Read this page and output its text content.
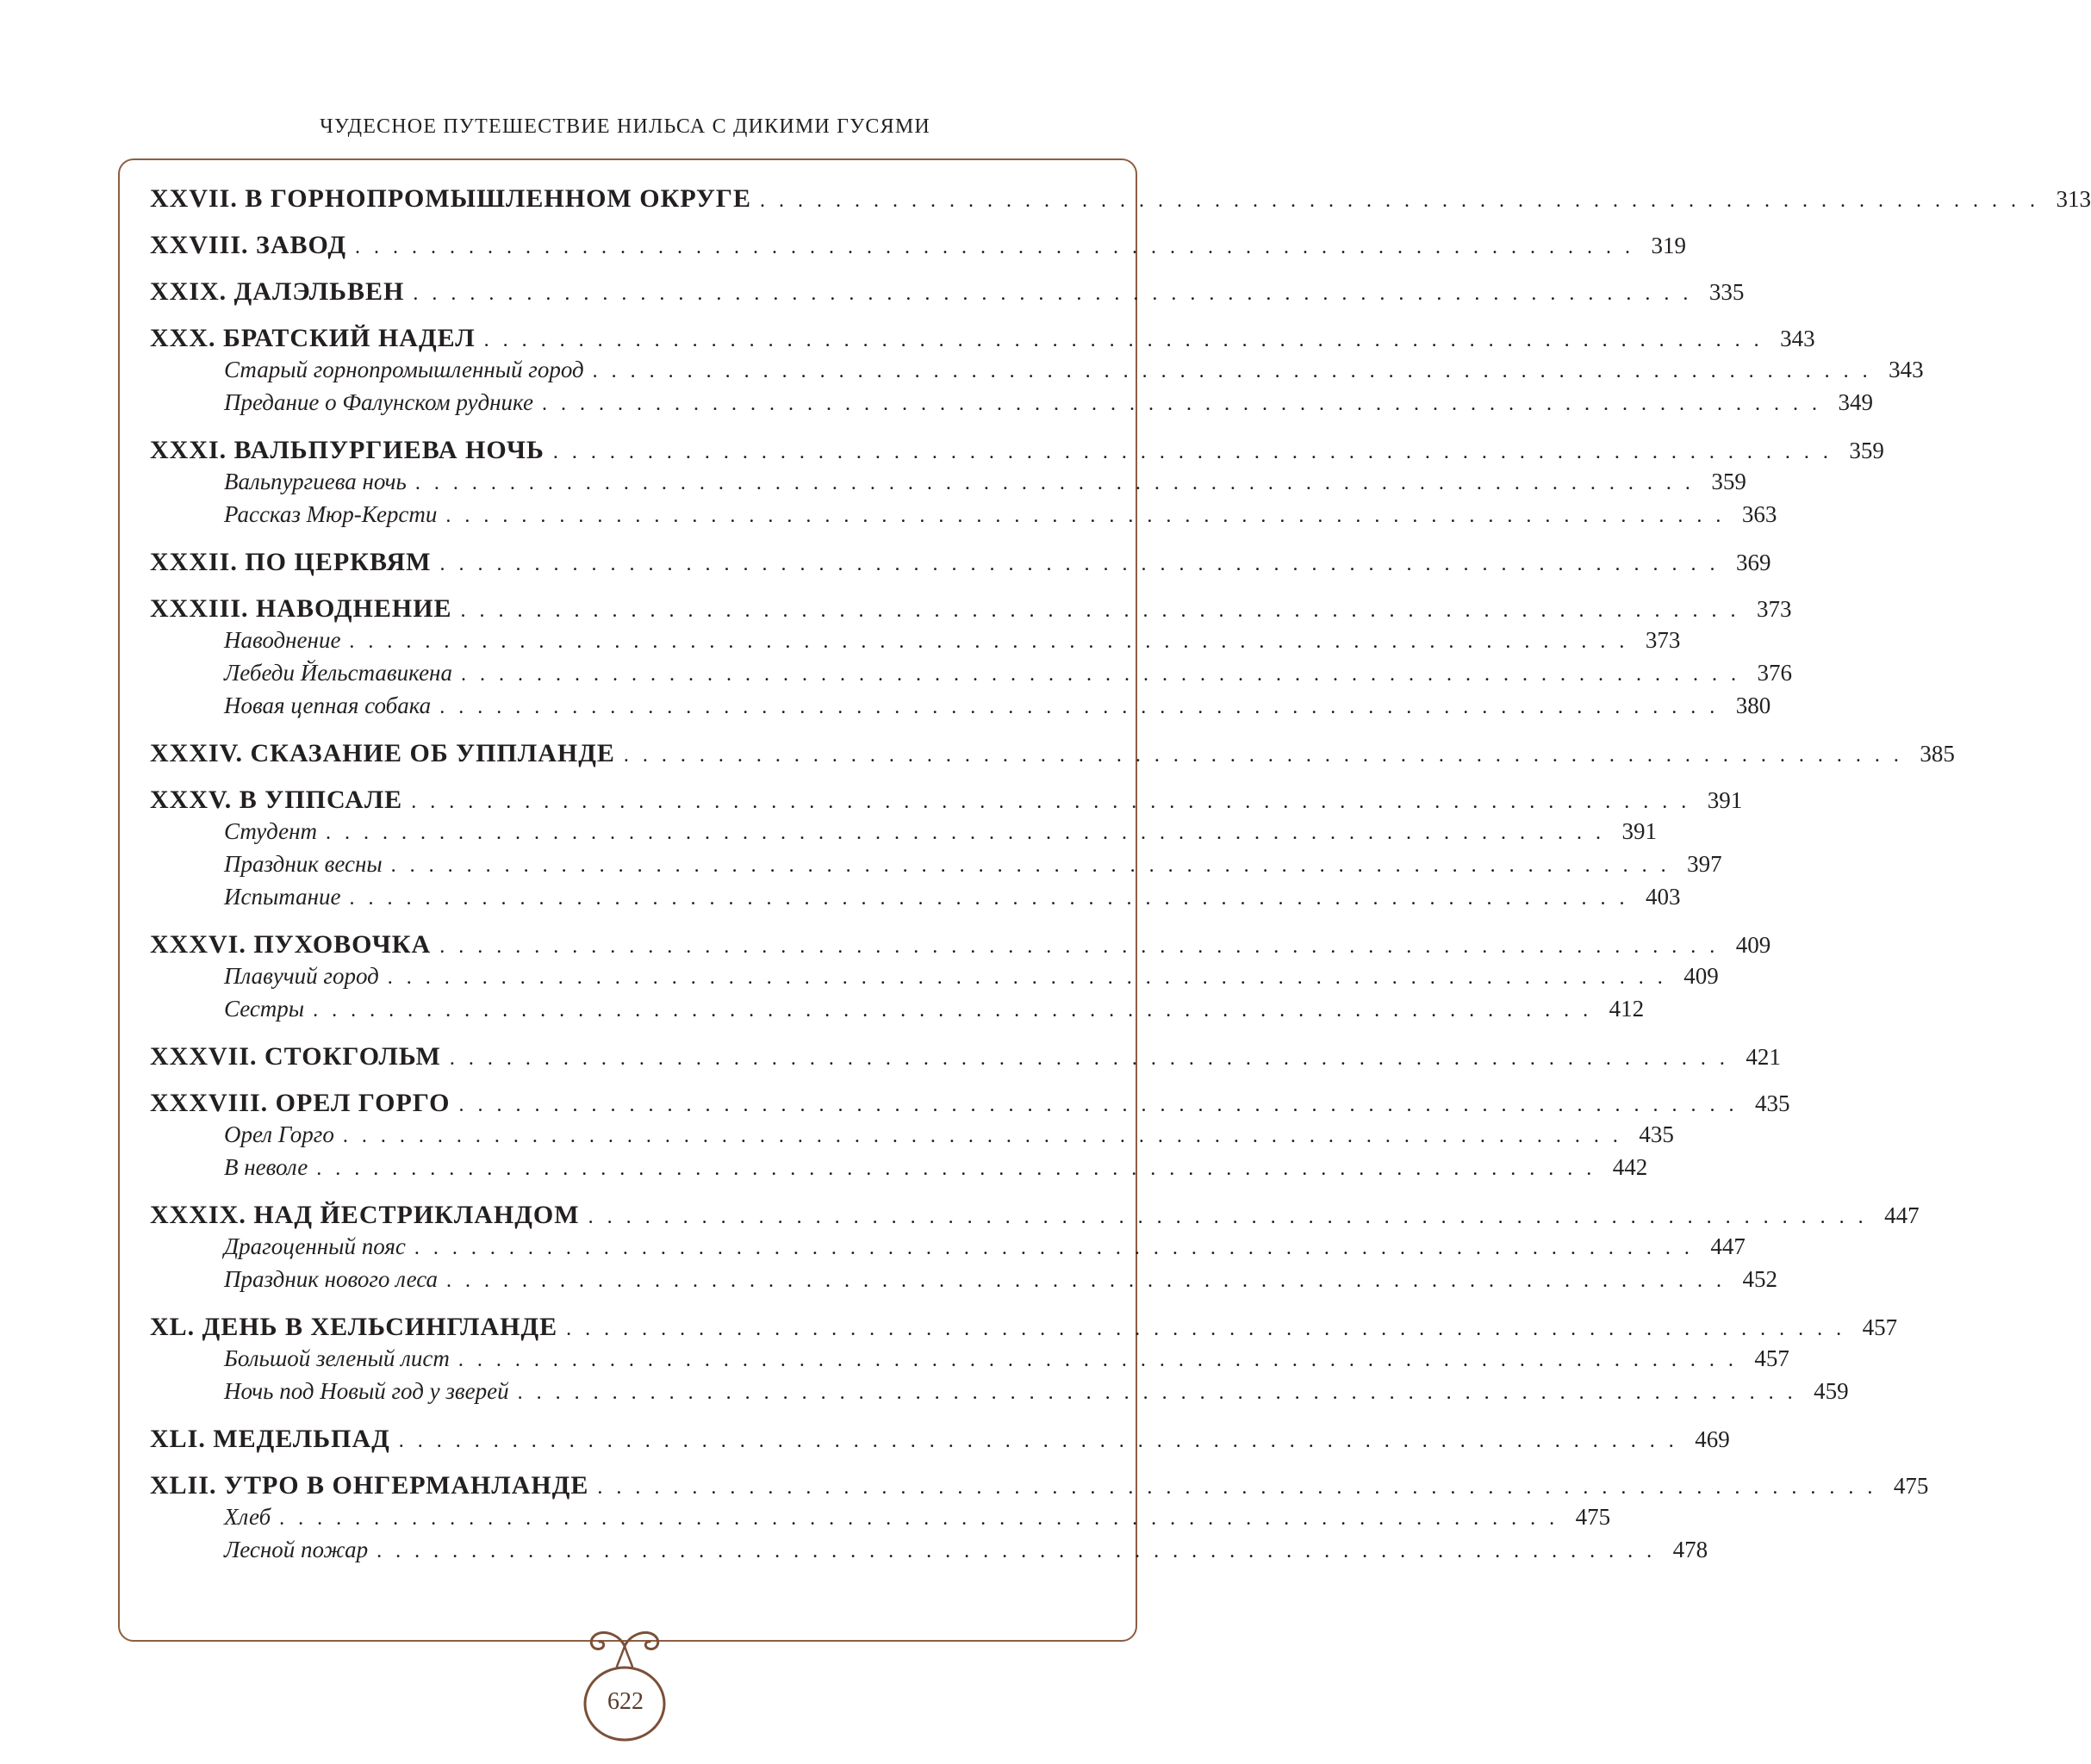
ЧУДЕСНОЕ ПУТЕШЕСТВИЕ НИЛЬСА С ДИКИМИ ГУСЯМИ
XXVII. В ГОРНОПРОМЫШЛЕННОМ ОКРУГЕ . . . . . . . . . . . . . . . . . . . . . . . . . . . . . . . . . . . . . . . . . . . . . . . . . . . . . . . . . . . . . . . . . . . . 313
XXVIII. ЗАВОД . . . . . . . . . . . . . . . . . . . . . . . . . . . . . . . . . . . . . . . . . . . . . . . . . . . . . . . . . . . . . . . . . . . . 319
XXIX. ДАЛЭЛЬВЕН . . . . . . . . . . . . . . . . . . . . . . . . . . . . . . . . . . . . . . . . . . . . . . . . . . . . . . . . . . . . . . . . . . . . 335
XXX. БРАТСКИЙ НАДЕЛ . . . . . . . . . . . . . . . . . . . . . . . . . . . . . . . . . . . . . . . . . . . . . . . . . . . . . . . . . . . . . . . . . . . . 343
Старый горнопромышленный город . . . . . . . . . . . . . . . . . . . . . . . . . . . . . . . . . . . . . . . . . . . . . . . . . . . . . . . . . . . . . . . . . . . . 343
Предание о Фалунском руднике . . . . . . . . . . . . . . . . . . . . . . . . . . . . . . . . . . . . . . . . . . . . . . . . . . . . . . . . . . . . . . . . . . . . 349
XXXI. ВАЛЬПУРГИЕВА НОЧЬ . . . . . . . . . . . . . . . . . . . . . . . . . . . . . . . . . . . . . . . . . . . . . . . . . . . . . . . . . . . . . . . . . . . . 359
Вальпургиева ночь . . . . . . . . . . . . . . . . . . . . . . . . . . . . . . . . . . . . . . . . . . . . . . . . . . . . . . . . . . . . . . . . . . . . 359
Рассказ Мюр-Керсти . . . . . . . . . . . . . . . . . . . . . . . . . . . . . . . . . . . . . . . . . . . . . . . . . . . . . . . . . . . . . . . . . . . . 363
XXXII. ПО ЦЕРКВЯМ . . . . . . . . . . . . . . . . . . . . . . . . . . . . . . . . . . . . . . . . . . . . . . . . . . . . . . . . . . . . . . . . . . . . 369
XXXIII. НАВОДНЕНИЕ . . . . . . . . . . . . . . . . . . . . . . . . . . . . . . . . . . . . . . . . . . . . . . . . . . . . . . . . . . . . . . . . . . . . 373
Наводнение . . . . . . . . . . . . . . . . . . . . . . . . . . . . . . . . . . . . . . . . . . . . . . . . . . . . . . . . . . . . . . . . . . . . 373
Лебеди Йельставикена . . . . . . . . . . . . . . . . . . . . . . . . . . . . . . . . . . . . . . . . . . . . . . . . . . . . . . . . . . . . . . . . . . . . 376
Новая цепная собака . . . . . . . . . . . . . . . . . . . . . . . . . . . . . . . . . . . . . . . . . . . . . . . . . . . . . . . . . . . . . . . . . . . . 380
XXXIV. СКАЗАНИЕ ОБ УППЛАНДЕ . . . . . . . . . . . . . . . . . . . . . . . . . . . . . . . . . . . . . . . . . . . . . . . . . . . . . . . . . . . . . . . . . . . . 385
XXXV. В УППСАЛЕ . . . . . . . . . . . . . . . . . . . . . . . . . . . . . . . . . . . . . . . . . . . . . . . . . . . . . . . . . . . . . . . . . . . . 391
Студент . . . . . . . . . . . . . . . . . . . . . . . . . . . . . . . . . . . . . . . . . . . . . . . . . . . . . . . . . . . . . . . . . . . . 391
Праздник весны . . . . . . . . . . . . . . . . . . . . . . . . . . . . . . . . . . . . . . . . . . . . . . . . . . . . . . . . . . . . . . . . . . . . 397
Испытание . . . . . . . . . . . . . . . . . . . . . . . . . . . . . . . . . . . . . . . . . . . . . . . . . . . . . . . . . . . . . . . . . . . . 403
XXXVI. ПУХОВОЧКА . . . . . . . . . . . . . . . . . . . . . . . . . . . . . . . . . . . . . . . . . . . . . . . . . . . . . . . . . . . . . . . . . . . . 409
Плавучий город . . . . . . . . . . . . . . . . . . . . . . . . . . . . . . . . . . . . . . . . . . . . . . . . . . . . . . . . . . . . . . . . . . . . 409
Сестры . . . . . . . . . . . . . . . . . . . . . . . . . . . . . . . . . . . . . . . . . . . . . . . . . . . . . . . . . . . . . . . . . . . . 412
XXXVII. СТОКГОЛЬМ . . . . . . . . . . . . . . . . . . . . . . . . . . . . . . . . . . . . . . . . . . . . . . . . . . . . . . . . . . . . . . . . . . . . 421
XXXVIII. ОРЕЛ ГОРГО . . . . . . . . . . . . . . . . . . . . . . . . . . . . . . . . . . . . . . . . . . . . . . . . . . . . . . . . . . . . . . . . . . . . 435
Орел Горго . . . . . . . . . . . . . . . . . . . . . . . . . . . . . . . . . . . . . . . . . . . . . . . . . . . . . . . . . . . . . . . . . . . . 435
В неволе . . . . . . . . . . . . . . . . . . . . . . . . . . . . . . . . . . . . . . . . . . . . . . . . . . . . . . . . . . . . . . . . . . . . 442
XXXIX. НАД ЙЕСТРИКЛАНДОМ . . . . . . . . . . . . . . . . . . . . . . . . . . . . . . . . . . . . . . . . . . . . . . . . . . . . . . . . . . . . . . . . . . . . 447
Драгоценный пояс . . . . . . . . . . . . . . . . . . . . . . . . . . . . . . . . . . . . . . . . . . . . . . . . . . . . . . . . . . . . . . . . . . . . 447
Праздник нового леса . . . . . . . . . . . . . . . . . . . . . . . . . . . . . . . . . . . . . . . . . . . . . . . . . . . . . . . . . . . . . . . . . . . . 452
XL. ДЕНЬ В ХЕЛЬСИНГЛАНДЕ . . . . . . . . . . . . . . . . . . . . . . . . . . . . . . . . . . . . . . . . . . . . . . . . . . . . . . . . . . . . . . . . . . . . 457
Большой зеленый лист . . . . . . . . . . . . . . . . . . . . . . . . . . . . . . . . . . . . . . . . . . . . . . . . . . . . . . . . . . . . . . . . . . . . 457
Ночь под Новый год у зверей . . . . . . . . . . . . . . . . . . . . . . . . . . . . . . . . . . . . . . . . . . . . . . . . . . . . . . . . . . . . . . . . . . . . 459
XLI. МЕДЕЛЬПАД . . . . . . . . . . . . . . . . . . . . . . . . . . . . . . . . . . . . . . . . . . . . . . . . . . . . . . . . . . . . . . . . . . . . 469
XLII. УТРО В ОНГЕРМАНЛАНДЕ . . . . . . . . . . . . . . . . . . . . . . . . . . . . . . . . . . . . . . . . . . . . . . . . . . . . . . . . . . . . . . . . . . . . 475
Хлеб . . . . . . . . . . . . . . . . . . . . . . . . . . . . . . . . . . . . . . . . . . . . . . . . . . . . . . . . . . . . . . . . . . . . 475
Лесной пожар . . . . . . . . . . . . . . . . . . . . . . . . . . . . . . . . . . . . . . . . . . . . . . . . . . . . . . . . . . . . . . . . . . . . 478
622
